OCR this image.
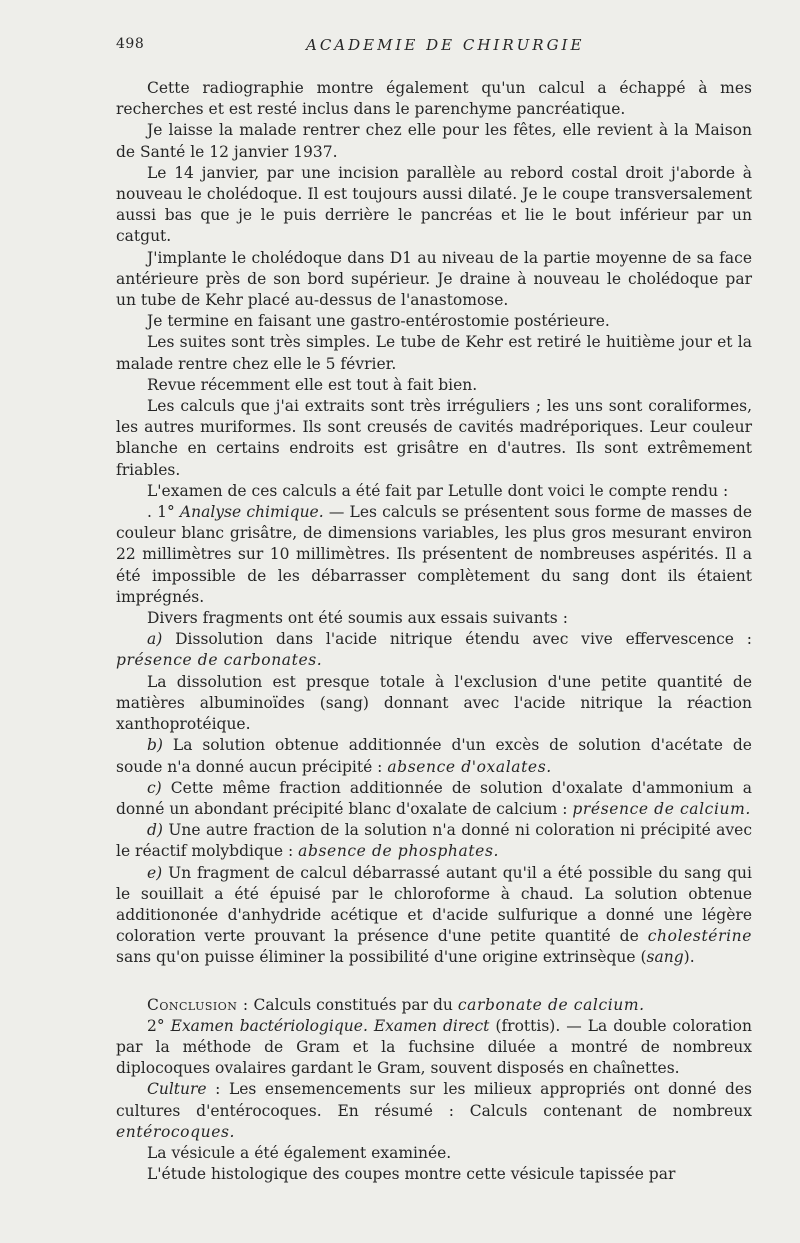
498	ACADEMIE DE CHIRURGIE

Cette radiographie montre également qu'un calcul a échappé à mes recherches et est resté inclus dans le parenchyme pancréatique.

Je laisse la malade rentrer chez elle pour les fêtes, elle revient à la Maison de Santé le 12 janvier 1937.

Le 14 janvier, par une incision parallèle au rebord costal droit j'aborde à nouveau le cholédoque. Il est toujours aussi dilaté. Je le coupe transversalement aussi bas que je le puis derrière le pancréas et lie le bout inférieur par un catgut.

J'implante le cholédoque dans D1 au niveau de la partie moyenne de sa face antérieure près de son bord supérieur. Je draine à nouveau le cholédoque par un tube de Kehr placé au-dessus de l'anastomose.

Je termine en faisant une gastro-entérostomie postérieure.

Les suites sont très simples. Le tube de Kehr est retiré le huitième jour et la malade rentre chez elle le 5 février.

Revue récemment elle est tout à fait bien.

Les calculs que j'ai extraits sont très irréguliers ; les uns sont coraliformes, les autres muriformes. Ils sont creusés de cavités madréporiques. Leur couleur blanche en certains endroits est grisâtre en d'autres. Ils sont extrêmement friables.

L'examen de ces calculs a été fait par Letulle dont voici le compte rendu :

. 1° Analyse chimique. — Les calculs se présentent sous forme de masses de couleur blanc grisâtre, de dimensions variables, les plus gros mesurant environ 22 millimètres sur 10 millimètres. Ils présentent de nombreuses aspérités. Il a été impossible de les débarrasser complètement du sang dont ils étaient imprégnés.

Divers fragments ont été soumis aux essais suivants :

a) Dissolution dans l'acide nitrique étendu avec vive effervescence : présence de carbonates.

La dissolution est presque totale à l'exclusion d'une petite quantité de matières albuminoïdes (sang) donnant avec l'acide nitrique la réaction xanthoprotéique.

b) La solution obtenue additionnée d'un excès de solution d'acétate de soude n'a donné aucun précipité : absence d'oxalates.

c) Cette même fraction additionnée de solution d'oxalate d'ammonium a donné un abondant précipité blanc d'oxalate de calcium : présence de calcium.

d) Une autre fraction de la solution n'a donné ni coloration ni précipité avec le réactif molybdique : absence de phosphates.

e) Un fragment de calcul débarrassé autant qu'il a été possible du sang qui le souillait a été épuisé par le chloroforme à chaud. La solution obtenue additiononée d'anhydride acétique et d'acide sulfurique a donné une légère coloration verte prouvant la présence d'une petite quantité de cholestérine sans qu'on puisse éliminer la possibilité d'une origine extrinsèque (sang).

Conclusion : Calculs constitués par du carbonate de calcium.

2° Examen bactériologique. Examen direct (frottis). — La double coloration par la méthode de Gram et la fuchsine diluée a montré de nombreux diplocoques ovalaires gardant le Gram, souvent disposés en chaînettes.

Culture : Les ensemencements sur les milieux appropriés ont donné des cultures d'entérocoques. En résumé : Calculs contenant de nombreux entérocoques.

La vésicule a été également examinée.

L'étude histologique des coupes montre cette vésicule tapissée par
